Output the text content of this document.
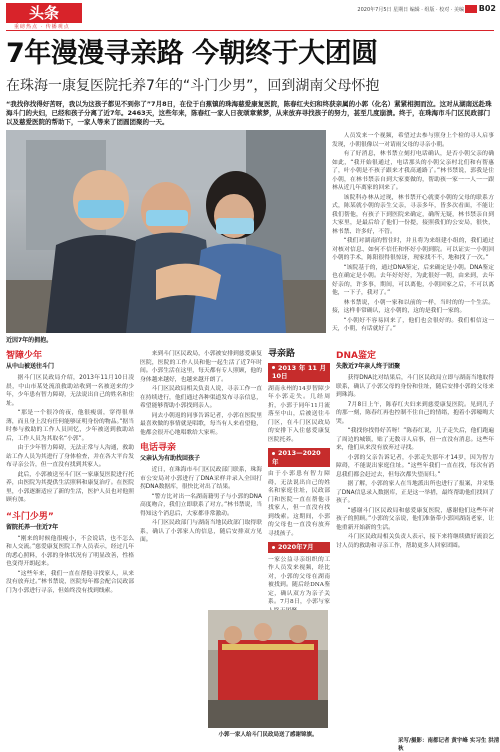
头条
重磅热点 · 传播观点
2020年7月5日 星期日 编辑 · 组版 · 校对 · 美编 B02
7年漫漫寻亲路 今朝终于大团圆
在珠海一康复医院托养7年的“斗门少男”，回到湖南父母怀抱
“我找你找得好苦呀，我以为这孩子都见不到你了”7月8日，在位于白蕉镇的珠海慈爱康复医院，陈春红夫妇和终获亲属的小郭（化名）紧紧相拥而泣。这对从湖南远赴珠海斗门的夫妇，已经和孩子分离了近7年。2463天，这些年来，陈春红一家人日夜颂章萦梦，从来放弃寻找孩子的努力，甚至几度崩溃。终于，在珠海市斗门区民政部门以及慈爱医院的帮助下，一家人等来了团圆团聚的一天。
近因7年的拥抱。

人员发来一个视频，希望过去参与照身上个检的寻人启事发现，小朝很像以一对请雨父母的寻亲小朝。

有了好消息，林书禁立刻打电话确认，是否小朝父亲的确如此，“我开始很通过，电话那头的小朝父亲村北们和有帮惠了，叶小朝是不孩子跟来才我高通路了。”林书禁说，郭我是住小朝，在林书禁亲自到大家要做的，帮助孩一家一一人一一跟林从近几年离家的回来了。

该院科办林从过现，林书禁开心就要小朝的父母的联系方式，陈某就小朝的亲生父亲，寻亲多年，皆多次看面，不能让我们帮他，有孩子下到医院来确定，确所无疑，林书禁亲自到大家里，是最后给了他们一份提，接照我们的公安局，很快，林书禁、许多好，不管。

“我们对湖南的暂住时，并且将为来组建小组的，我们通过对核对信息、如何不信任和怀好小朝到院。可以证实一小朝回小朝的手术，陈阳很得很惊讶，现家找不不，地和找了一次。”

“该院基于的，通过DNA鉴定，后来确定是小朝。DNA鉴定也在确定是小朝。去年好好好，为此很好一朝，由来到，去年好亲的，许多事，期间，可以离他，小朝回家之后，不可以离他，一下子，我对了。”

林书禁说，小朝一家和以前的一样，当时的的一个生活。接，这样非常确认，这小朝的，这的是我们一家的。

“小朝好不容易回来了，他们也会很好的。我们相信这一天，小朝，有话就好了。”

智障少年
从中山被送往斗门

据斗门区民政局介绍，2013年11月10日凌晨，中山市某处流浪救助站收到一名被送来的少年，少年患有智力障碍，无法说出自己的姓名和住址。

“那是一个很冷的夜，他很瘦弱，穿得很单薄，而且身上没有任何能够证明身份的物品。”据当时参与救助的工作人员回忆，少年被送到救助站后，工作人员为其取名“小郭”。

由于少年智力障碍，无法正常与人沟通，救助站工作人员为其进行了身体检查，并在各大平台发布寻亲公告，但一直没有找到其家人。

此后，小郭被送至斗门区一家康复医院进行托养，由医院为其提供生活照料和康复治疗。在医院里，小郭逐渐适应了新的生活，医护人员也对他照顾有加。

“斗门少男”
留院托养一住近7年

“刚来的时候他很瘦小，不会说话，也不怎么和人交流。”慈爱康复医院工作人员表示，经过几年的悉心照料，小郭的身体状况有了明显改善，性格也变得开朗起来。

“这些年来，我们一直在帮他寻找家人，从来没有放弃过。”林书禁说，医院每年都会配合民政部门为小郭进行寻亲，但始终没有找到线索。

来到斗门区民政局，小郭被安排到慈爱康复医院，医院的工作人员和他一起生活了近7年时间。小郭生活在这里，每天都有专人照顾，他的身体越来越好，也越来越开朗了。

斗门区民政局相关负责人说，寻亲工作一直在持续进行，他们通过各种渠道发布寻亲信息，希望能够帮助小郭找到亲人。

同去小朝返的同事告诉记者，小郭在医院里最喜欢做的事情就是唱歌，每当有人来看望他，他都会很开心地唱歌给大家听。

电话寻亲
父亲认为有助找回孩子

近日，在珠海市斗门区民政部门联系，珠海市公安局对小郭进行了DNA采样并录入全国打拐DNA数据库，很快比对出了结果。

“警方比对出一名湖南籍男子与小郭的DNA高度吻合，我们立即联系了对方。”林书禁说，当得知这个消息后，大家都非常激动。

斗门区民政部门与湖南当地民政部门取得联系，确认了小郭家人的信息，随后安排双方见面。

寻亲路
2013年11月10日
湖南永州的14岁智障少年小郭走失。几经周折，小郭于同年11月流落至中山，后被送往斗门区，在斗门区民政局的安排下入住慈爱康复医院托养。
2013—2020年
由于小郭患有智力障碍，无法说出自己的姓名和家庭住址，民政部门和医院一直在帮他寻找家人，但一直没有找到线索。这期间，小郭的父母也一直没有放弃寻找孩子。
2020年7月
一家公益寻亲组织的工作人员发来视频，经比对，小郭的父母在湖南被找到。随后经DNA鉴定，确认双方为亲子关系。7月8日，小郭与家
DNA鉴定
失散近7年亲人终于团聚

获得DNA比对结果后，斗门区民政局立即与湖南当地取得联系，确认了小郭父母的身份和住址，随后安排小郭的父母来到珠海。

7月8日上午，陈春红夫妇来到慈爱康复医院。见到儿子的那一刻，陈春红再也控制不住自己的情绪，抱着小郭嚎啕大哭。

“我找你找得好苦呀！”陈春红说，儿子走失后，他们跑遍了周边的城镇，贴了无数寻人启事，但一直没有消息。这些年来，他们从来没有放弃过寻找。

小郭的父亲告诉记者，小郭走失那年才14岁，因为智力障碍，不能说出家庭住址。“这些年我们一直在找，每次有消息我们都会赶过去，但每次都失望而归。”

据了解，小郭的家人在当地派出所也进行了报案，并采集了DNA信息录入数据库，正是这一举措，最终帮助他们找回了孩子。

“感谢斗门区民政局和慈爱康复医院，感谢他们这些年对孩子的照顾。”小郭的父亲说，他们准备带小郭回湖南老家，让他重新开始新的生活。

斗门区民政局相关负责人表示，接下来将继续做好流浪乞讨人员的救助和寻亲工作，帮助更多人回家团圆。

小郭一家人给斗门民政局送了感谢锦旗。
采写/摄影：南都记者 黄宇峰 实习生 洪清秋
